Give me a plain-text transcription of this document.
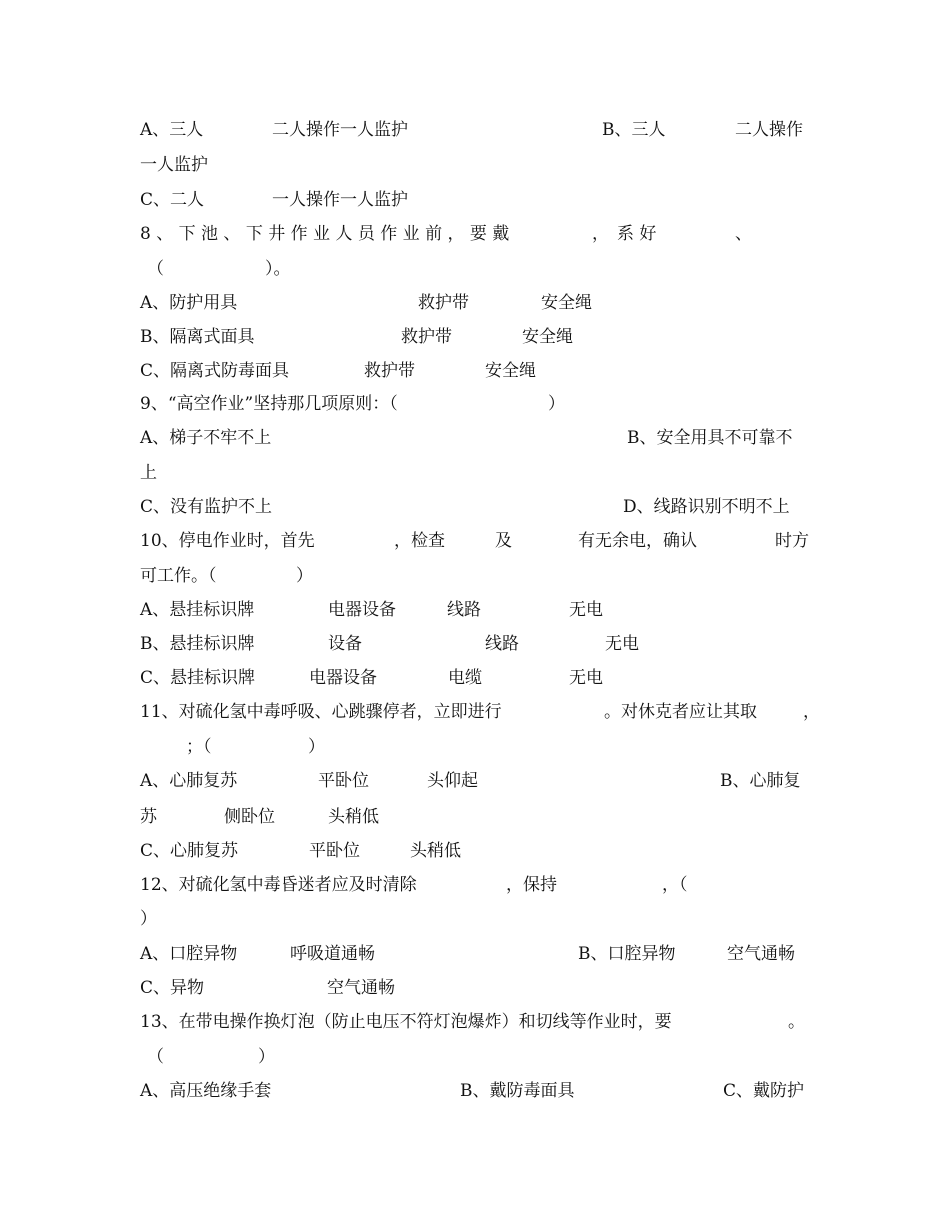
A、三人	二人操作一人监护	B、三人	二人操作
一人监护
C、二人	一人操作一人监护
8 、 下 池 、 下 井 作 业 人 员 作 业 前 ， 要 戴	， 系 好	、
（	）。
A、防护用具	救护带	安全绳
B、隔离式面具	救护带	安全绳
C、隔离式防毒面具	救护带	安全绳
9、“高空作业”坚持那几项原则：（	）
A、梯子不牢不上	B、安全用具不可靠不
上
C、没有监护不上	D、线路识别不明不上
10、停电作业时，首先	，检查	及	有无余电，确认	时方
可工作。（	）
A、悬挂标识牌	电器设备	线路	无电
B、悬挂标识牌	设备	线路	无电
C、悬挂标识牌	电器设备	电缆	无电
11、对硫化氢中毒呼吸、心跳骤停者，立即进行	。对休克者应让其取	，
；（	）
A、心肺复苏	平卧位	头仰起	B、心肺复
苏	侧卧位	头稍低
C、心肺复苏	平卧位	头稍低
12、对硫化氢中毒昏迷者应及时清除	，保持	，（
）
A、口腔异物	呼吸道通畅	B、口腔异物	空气通畅
C、异物	空气通畅
13、在带电操作换灯泡（防止电压不符灯泡爆炸）和切线等作业时，要	。
（	）
A、高压绝缘手套	B、戴防毒面具	C、戴防护
